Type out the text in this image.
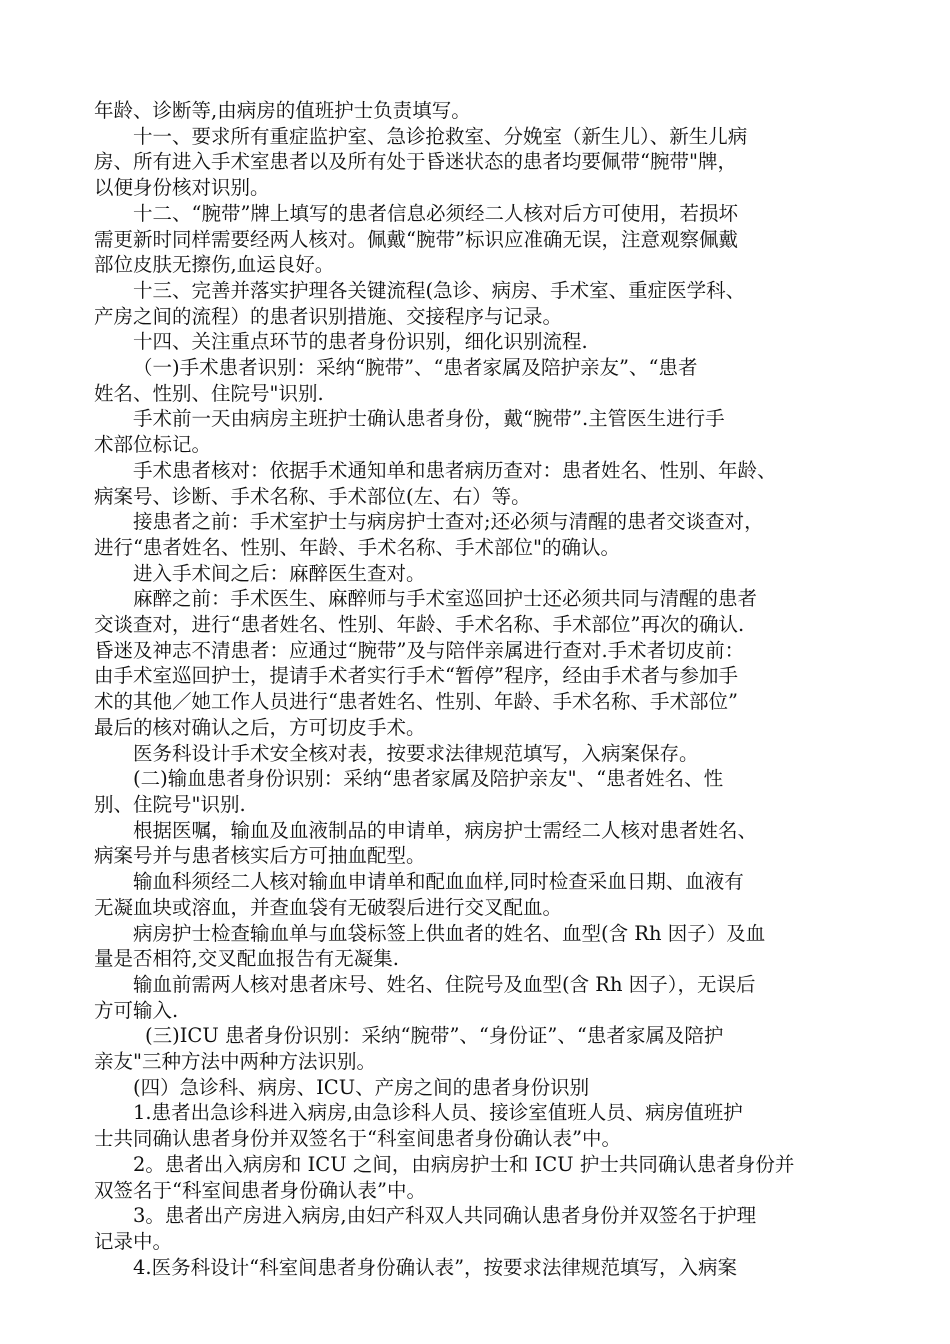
年龄、诊断等,由病房的值班护士负责填写。

十一、要求所有重症监护室、急诊抢救室、分娩室（新生儿）、新生儿病

房、所有进入手术室患者以及所有处于昏迷状态的患者均要佩带“腕带"牌，

以便身份核对识别。

十二、“腕带”牌上填写的患者信息必须经二人核对后方可使用，若损坏

需更新时同样需要经两人核对。佩戴“腕带”标识应准确无误，注意观察佩戴

部位皮肤无擦伤,血运良好。

十三、完善并落实护理各关键流程(急诊、病房、手术室、重症医学科、

产房之间的流程）的患者识别措施、交接程序与记录。

十四、关注重点环节的患者身份识别，细化识别流程.

（一)手术患者识别：采纳“腕带”、“患者家属及陪护亲友”、“患者

姓名、性别、住院号"识别.

手术前一天由病房主班护士确认患者身份，戴“腕带”.主管医生进行手

术部位标记。

手术患者核对：依据手术通知单和患者病历查对：患者姓名、性别、年龄、

病案号、诊断、手术名称、手术部位(左、右）等。

接患者之前：手术室护士与病房护士查对;还必须与清醒的患者交谈查对，

进行“患者姓名、性别、年龄、手术名称、手术部位"的确认。

进入手术间之后：麻醉医生查对。

麻醉之前：手术医生、麻醉师与手术室巡回护士还必须共同与清醒的患者

交谈查对，进行“患者姓名、性别、年龄、手术名称、手术部位”再次的确认.

昏迷及神志不清患者：应通过“腕带”及与陪伴亲属进行查对.手术者切皮前：

由手术室巡回护士，提请手术者实行手术“暂停”程序，经由手术者与参加手

术的其他／她工作人员进行“患者姓名、性别、年龄、手术名称、手术部位”

最后的核对确认之后，方可切皮手术。

医务科设计手术安全核对表，按要求法律规范填写，入病案保存。

(二)输血患者身份识别：采纳“患者家属及陪护亲友"、“患者姓名、性

别、住院号"识别.

根据医嘱，输血及血液制品的申请单，病房护士需经二人核对患者姓名、

病案号并与患者核实后方可抽血配型。

输血科须经二人核对输血申请单和配血血样,同时检查采血日期、血液有

无凝血块或溶血，并查血袋有无破裂后进行交叉配血。

病房护士检查输血单与血袋标签上供血者的姓名、血型(含 Rh 因子）及血

量是否相符,交叉配血报告有无凝集.

输血前需两人核对患者床号、姓名、住院号及血型(含 Rh 因子），无误后

方可输入.

(三)ICU 患者身份识别：采纳“腕带”、“身份证”、“患者家属及陪护

亲友"三种方法中两种方法识别。

(四）急诊科、病房、ICU、产房之间的患者身份识别

1.患者出急诊科进入病房,由急诊科人员、接诊室值班人员、病房值班护

士共同确认患者身份并双签名于“科室间患者身份确认表”中。

2。患者出入病房和 ICU 之间，由病房护士和 ICU 护士共同确认患者身份并

双签名于“科室间患者身份确认表”中。

3。患者出产房进入病房,由妇产科双人共同确认患者身份并双签名于护理

记录中。

4.医务科设计“科室间患者身份确认表”，按要求法律规范填写，入病案
